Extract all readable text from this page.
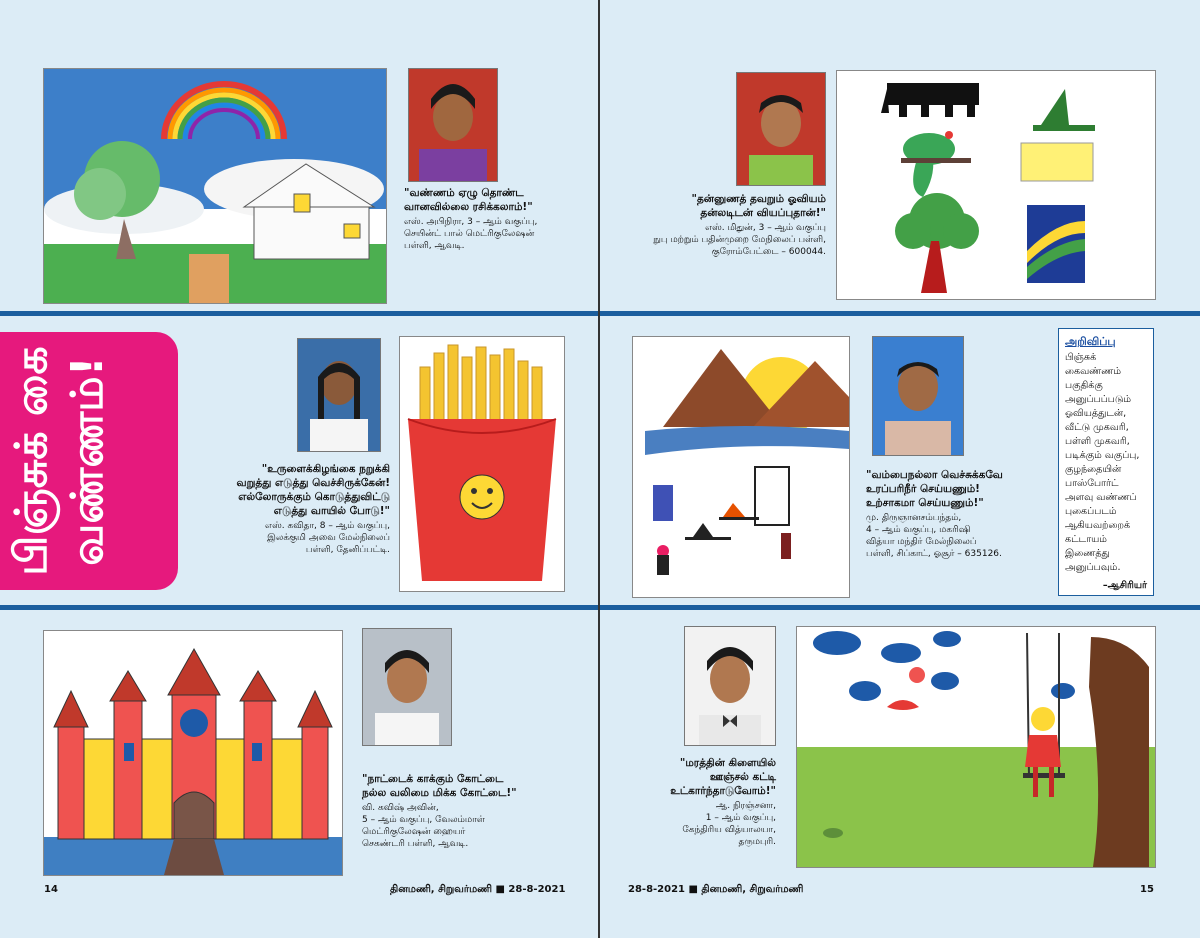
"வண்ணம் ஏழு தொண்ட
வானவில்லை ரசிக்கலாம்!"
எஸ். அபிநிரா, 3 – ஆம் வகுப்பு,
செயின்ட் பால் மெட்ரிகுலேஷன்
பள்ளி, ஆவடி.
"தன்னுணத் தவறும் ஓவியம்
தன்லடிடன் வியப்புதான்!"
எஸ். மிதுன், 3 – ஆம் வகுப்பு
நுபு மற்றும் பதின்முறை மேநிலைப் பள்ளி,
குரோம்பேட்டை – 600044.
பிஞ்சுக் கை வண்ணம்!	"உருளைக்கிழங்கை நறுக்கி
வறுத்து எடுத்து வெச்சிருக்கேன்!
எல்லோருக்கும் கொடுத்துவிட்டு
எடுத்து வாயில் போடு!"
எஸ். கவிதா, 8 – ஆம் வகுப்பு,
இலக்குமி அவை மேல்நிலைப்
பள்ளி, தேனிப்பட்டி.
"வம்பைநல்லா வெச்சுக்கவே
உரப்பரிநீர் செய்யணும்!
உற்சாகமா செய்யணும்!"
மு. திருஞானசம்பந்தம்,
4 – ஆம் வகுப்பு, மகரிஷி
வித்யா மந்திர் மேல்நிலைப்
பள்ளி, சிப்காட், ஓசூர் – 635126.
அறிவிப்பு
பிஞ்சுக் கைவண்ணம் பகுதிக்கு அனுப்பப்படும் ஓவியத்துடன், வீட்டு முகவரி, பள்ளி முகவரி, படிக்கும் வகுப்பு, குழந்தையின் பாஸ்போர்ட் அளவு வண்ணப் புகைப்படம் ஆகியவற்றைக் கட்டாயம் இணைத்து அனுப்பவும்.
–ஆசிரியர்
"நாட்டைக் காக்கும் கோட்டை
நல்ல வலிமை மிக்க கோட்டை!"
வி. கவிஷ் அவின்,
5 – ஆம் வகுப்பு, வேலம்மாள்
மெட்ரிகுலேஷன் ஹையர்
செகண்டரி பள்ளி, ஆவடி.
"மரத்தின் கிளையில்
ஊஞ்சல் கட்டி
உட்கார்ந்தாடுவோம்!"
ஆ. நிரஞ்சனா,
1 – ஆம் வகுப்பு,
கேந்திரிய வித்யாலயா,
தருமபுரி.
14	தினமணி, சிறுவர்மணி ■ 28-8-2021	28-8-2021 ■ தினமணி, சிறுவர்மணி	15
